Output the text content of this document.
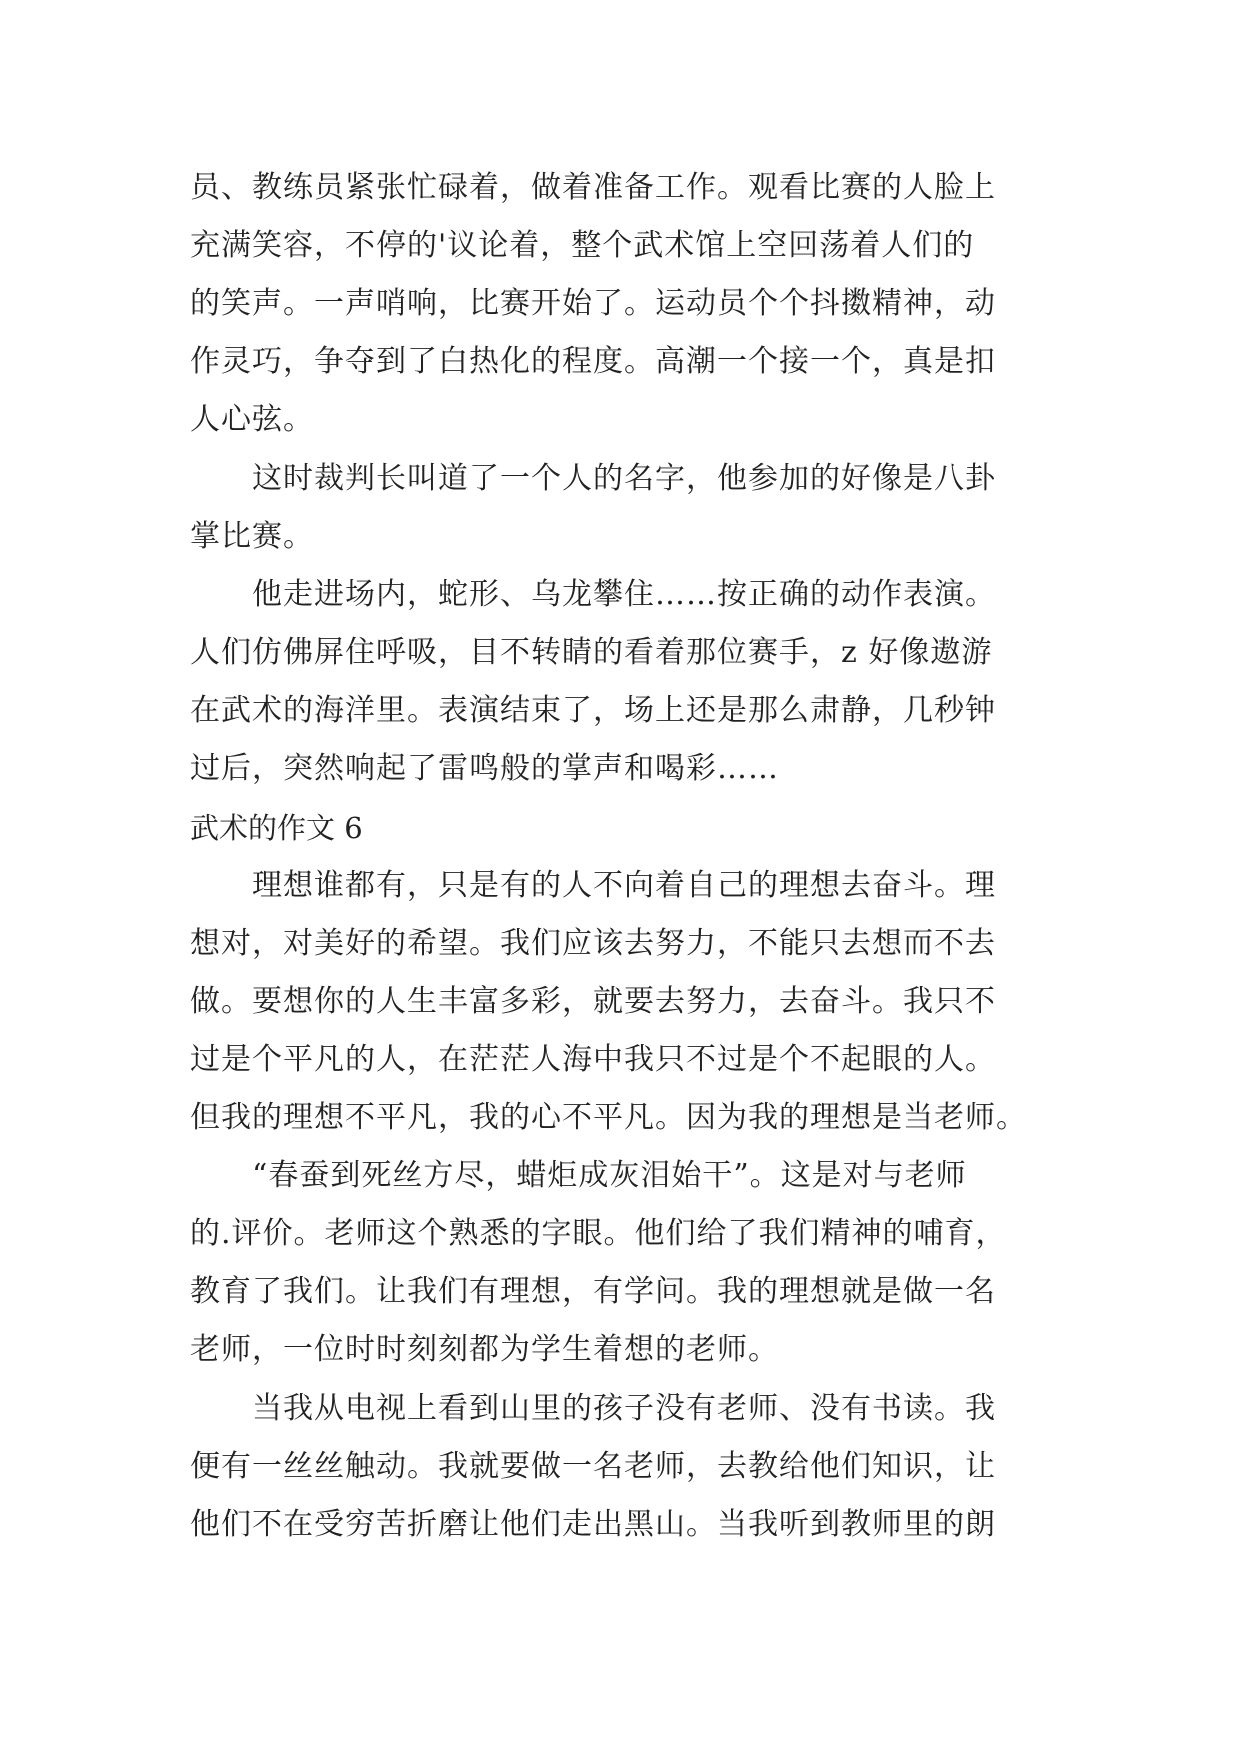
员、教练员紧张忙碌着，做着准备工作。观看比赛的人脸上
充满笑容，不停的'议论着，整个武术馆上空回荡着人们的
的笑声。一声哨响，比赛开始了。运动员个个抖擞精神，动
作灵巧，争夺到了白热化的程度。高潮一个接一个，真是扣
人心弦。
　　这时裁判长叫道了一个人的名字，他参加的好像是八卦
掌比赛。
　　他走进场内，蛇形、乌龙攀住……按正确的动作表演。
人们仿佛屏住呼吸，目不转睛的看着那位赛手，z 好像遨游
在武术的海洋里。表演结束了，场上还是那么肃静，几秒钟
过后，突然响起了雷鸣般的掌声和喝彩……
武术的作文 6
　　理想谁都有，只是有的人不向着自己的理想去奋斗。理
想对，对美好的希望。我们应该去努力，不能只去想而不去
做。要想你的人生丰富多彩，就要去努力，去奋斗。我只不
过是个平凡的人，在茫茫人海中我只不过是个不起眼的人。
但我的理想不平凡，我的心不平凡。因为我的理想是当老师。
　　“春蚕到死丝方尽，蜡炬成灰泪始干”。这是对与老师
的.评价。老师这个熟悉的字眼。他们给了我们精神的哺育，
教育了我们。让我们有理想，有学问。我的理想就是做一名
老师，一位时时刻刻都为学生着想的老师。
　　当我从电视上看到山里的孩子没有老师、没有书读。我
便有一丝丝触动。我就要做一名老师，去教给他们知识，让
他们不在受穷苦折磨让他们走出黑山。当我听到教师里的朗
